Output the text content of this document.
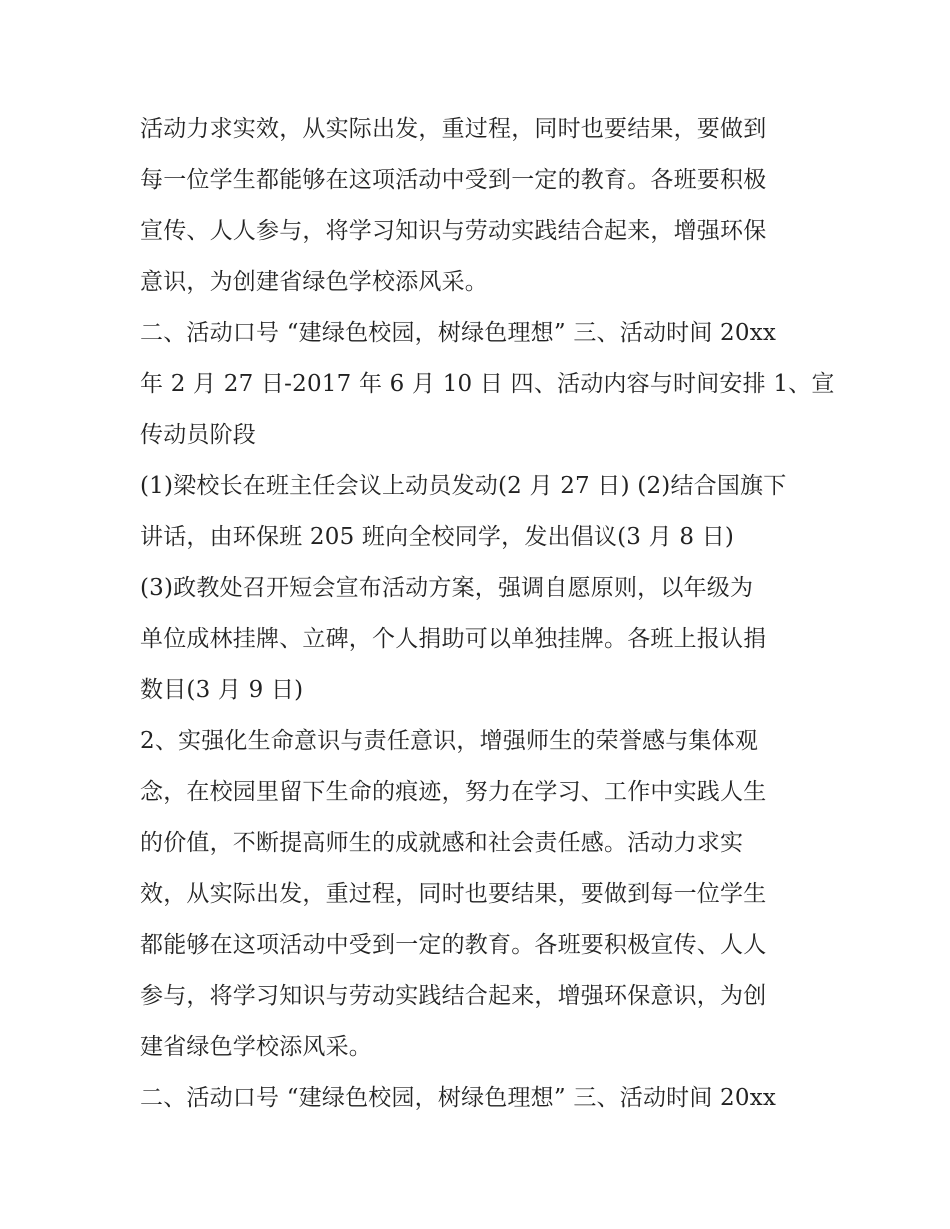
活动力求实效，从实际出发，重过程，同时也要结果，要做到
每一位学生都能够在这项活动中受到一定的教育。各班要积极
宣传、人人参与，将学习知识与劳动实践结合起来，增强环保
意识，为创建省绿色学校添风采。
二、活动口号 “建绿色校园，树绿色理想” 三、活动时间 20xx
年 2 月 27 日-2017 年 6 月 10 日 四、活动内容与时间安排 1、宣
传动员阶段
(1)梁校长在班主任会议上动员发动(2 月 27 日) (2)结合国旗下
讲话，由环保班 205 班向全校同学，发出倡议(3 月 8 日)
(3)政教处召开短会宣布活动方案，强调自愿原则，以年级为
单位成林挂牌、立碑，个人捐助可以单独挂牌。各班上报认捐
数目(3 月 9 日)
2、实强化生命意识与责任意识，增强师生的荣誉感与集体观
念，在校园里留下生命的痕迹，努力在学习、工作中实践人生
的价值，不断提高师生的成就感和社会责任感。活动力求实
效，从实际出发，重过程，同时也要结果，要做到每一位学生
都能够在这项活动中受到一定的教育。各班要积极宣传、人人
参与，将学习知识与劳动实践结合起来，增强环保意识，为创
建省绿色学校添风采。
二、活动口号 “建绿色校园，树绿色理想” 三、活动时间 20xx
